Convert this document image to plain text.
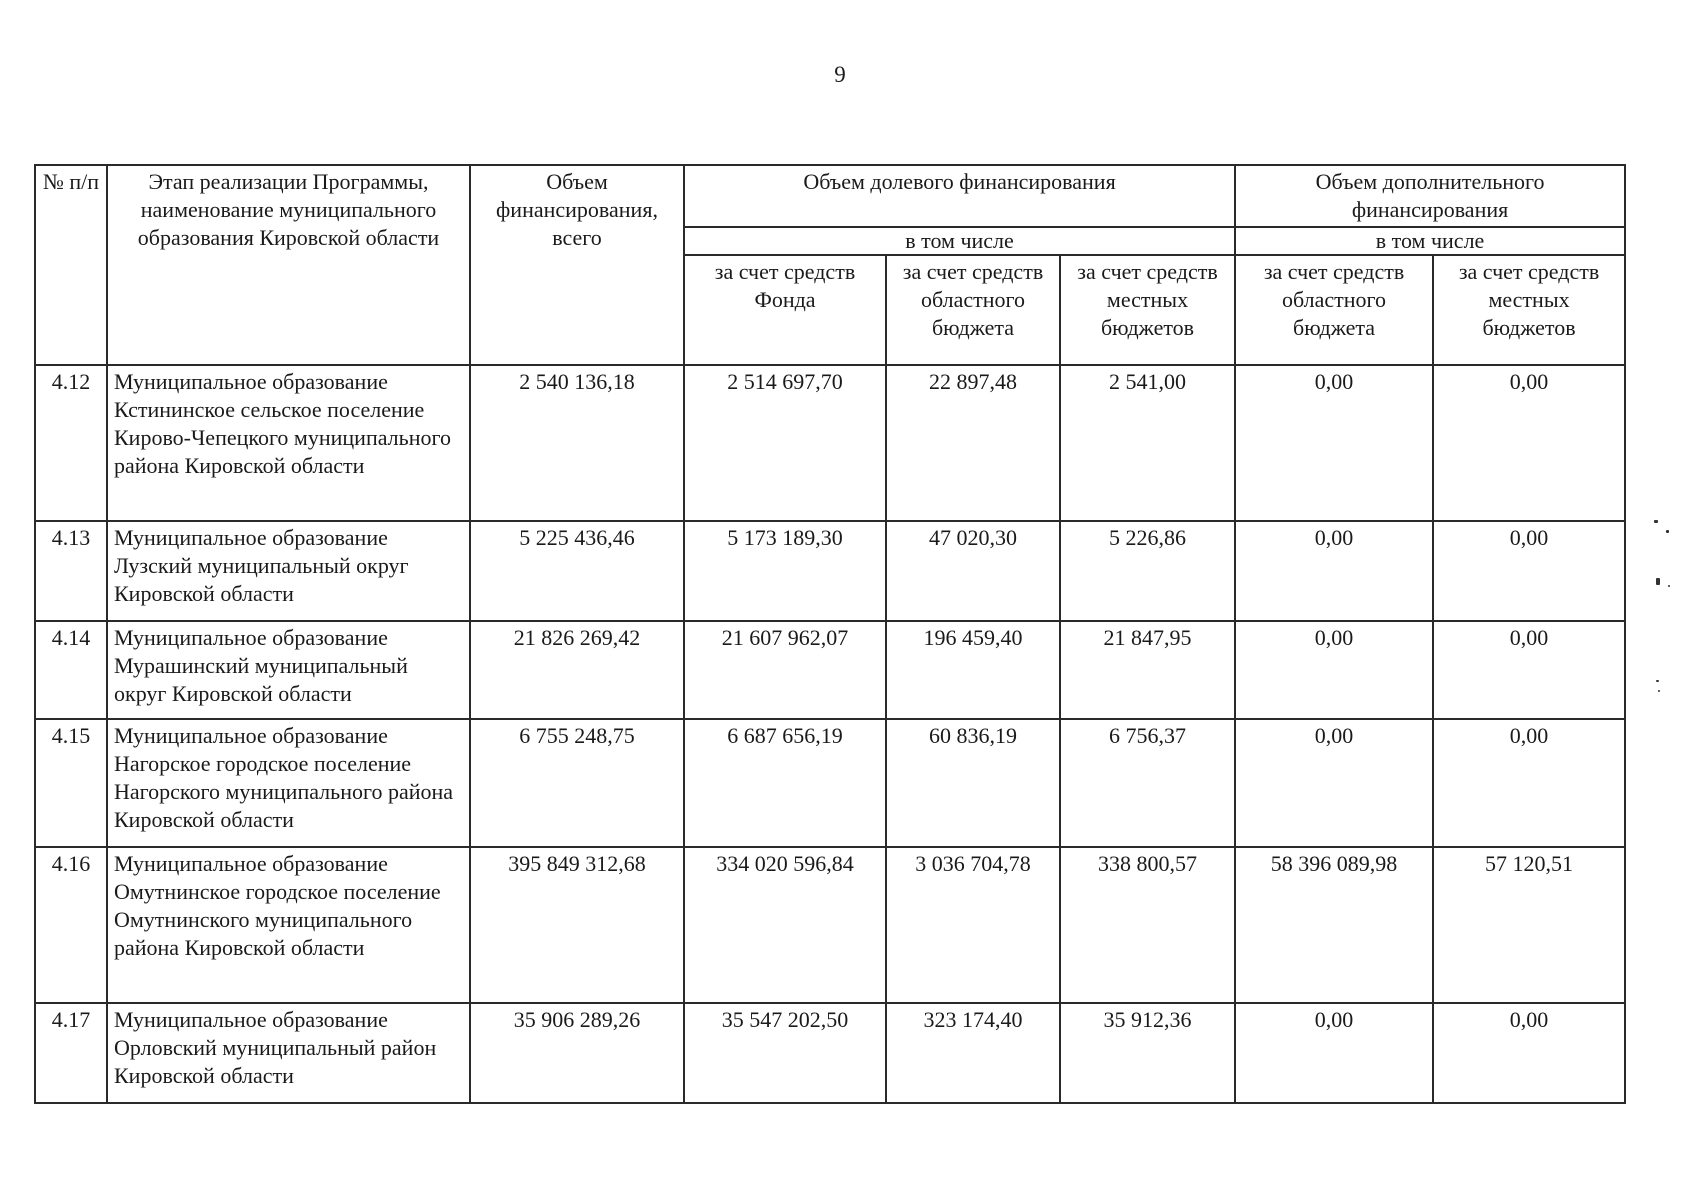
9
№ п/п	Этап реализации Программы, наименование муниципального образования Кировской области	Объем финансирования, всего	Объем долевого финансирования			Объем дополнительного финансирования	
			в том числе			в том числе	
			за счет средств Фонда	за счет средств областного бюджета	за счет средств местных бюджетов	за счет средств областного бюджета	за счет средств местных бюджетов
4.12	Муниципальное образование Кстининское сельское поселение Кирово-Чепецкого муниципального района Кировской области	2 540 136,18	2 514 697,70	22 897,48	2 541,00	0,00	0,00
4.13	Муниципальное образование Лузский муниципальный округ Кировской области	5 225 436,46	5 173 189,30	47 020,30	5 226,86	0,00	0,00
4.14	Муниципальное образование Мурашинский муниципальный округ Кировской области	21 826 269,42	21 607 962,07	196 459,40	21 847,95	0,00	0,00
4.15	Муниципальное образование Нагорское городское поселение Нагорского муниципального района Кировской области	6 755 248,75	6 687 656,19	60 836,19	6 756,37	0,00	0,00
4.16	Муниципальное образование Омутнинское городское поселение Омутнинского муниципального района Кировской области	395 849 312,68	334 020 596,84	3 036 704,78	338 800,57	58 396 089,98	57 120,51
4.17	Муниципальное образование Орловский муниципальный район Кировской области	35 906 289,26	35 547 202,50	323 174,40	35 912,36	0,00	0,00
